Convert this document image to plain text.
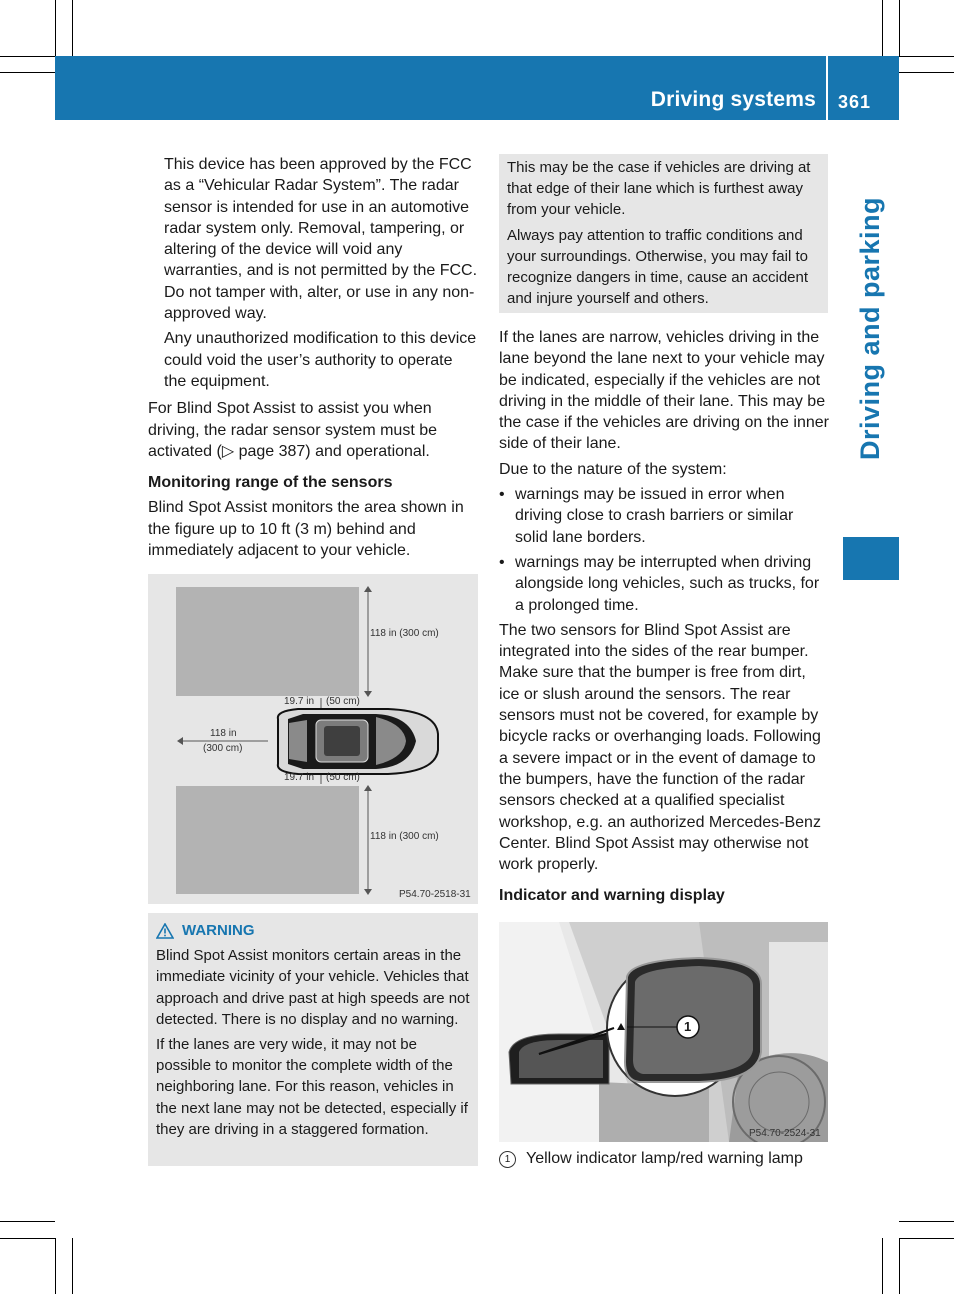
Driving systems 361
Driving and parking

This device has been approved by the FCC as a “Vehicular Radar System”. The radar sensor is intended for use in an automotive radar system only. Removal, tampering, or altering of the device will void any warranties, and is not permitted by the FCC. Do not tamper with, alter, or use in any non-approved way.

Any unauthorized modification to this device could void the user’s authority to operate the equipment.

For Blind Spot Assist to assist you when driving, the radar sensor system must be activated (▷ page 387) and operational.

Monitoring range of the sensors

Blind Spot Assist monitors the area shown in the figure up to 10 ft (3 m) behind and immediately adjacent to your vehicle.

118 in (300 cm)
19.7 in (50 cm)
118 in
(300 cm)
19.7 in (50 cm)
118 in (300 cm)
P54.70-2518-31
WARNING

Blind Spot Assist monitors certain areas in the immediate vicinity of your vehicle. Vehicles that approach and drive past at high speeds are not detected. There is no display and no warning.

If the lanes are very wide, it may not be possible to monitor the complete width of the neighboring lane. For this reason, vehicles in the next lane may not be detected, especially if they are driving in a staggered formation.

This may be the case if vehicles are driving at that edge of their lane which is furthest away from your vehicle.

Always pay attention to traffic conditions and your surroundings. Otherwise, you may fail to recognize dangers in time, cause an accident and injure yourself and others.

If the lanes are narrow, vehicles driving in the lane beyond the lane next to your vehicle may be indicated, especially if the vehicles are not driving in the middle of their lane. This may be the case if the vehicles are driving on the inner side of their lane.

Due to the nature of the system:

• warnings may be issued in error when driving close to crash barriers or similar solid lane borders.
• warnings may be interrupted when driving alongside long vehicles, such as trucks, for a prolonged time.

The two sensors for Blind Spot Assist are integrated into the sides of the rear bumper. Make sure that the bumper is free from dirt, ice or slush around the sensors. The rear sensors must not be covered, for example by bicycle racks or overhanging loads. Following a severe impact or in the event of damage to the bumpers, have the function of the radar sensors checked at a qualified specialist workshop, e.g. an authorized Mercedes-Benz Center. Blind Spot Assist may otherwise not work properly.

Indicator and warning display

1
P54.70-2524-31
1 Yellow indicator lamp/red warning lamp
